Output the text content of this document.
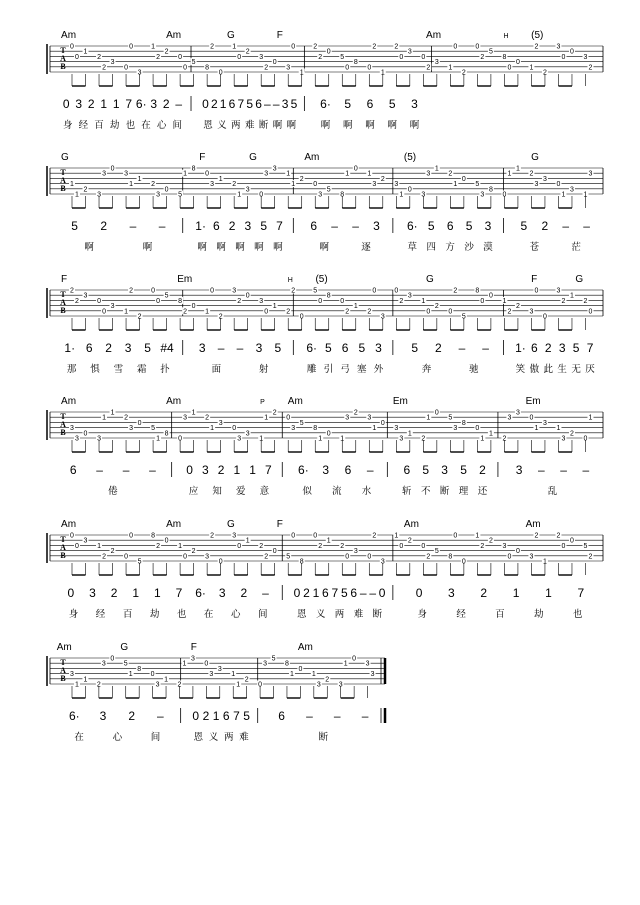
T
A
B
Am	Am	G	F	Am	H (5)
0
0
1
2
2
3
0
0
3
1
2
2
0
0
5
8
2
0
1
0
2
3
2
0
3
0
1
2
2
0
5
0
8
0
2
1
2
0
3
0
2
3
1
0
2
0
2
5
8
0
0
1
2
2
3
0
0
3
2
0 3 2 1 1 7 6· 3 2 –
身 经 百 劫 也 在 心 间
0 2 1 6 7 5 6 – – 3 5
恩 义 两 难 断 啊 啊
6· 5 6 5 3
啊 啊 啊 啊 啊
T
A
B
G	F	G	Am	(5)	G
1
1
2
3
3
0
3
1
1
2
3
0
5
1
8
0
3
1
2
1
3
0
3
3
1
1
2
0
3
5
8
1
0
1
3
2
3
1
0
3
3
1
2
1
0
5
3
8
0
1
1
2
3
3
0
1
3
1
3
5 2 – –
啊	啊
1· 6 2 3 5 7
啊 啊 啊 啊 啊
6 – – 3
啊	逐
6· 5 6 5 3
草 四 方 沙 漠
5 2 – –
苍	茫
T
A
B
F	Em	H (5)	G	F	G
2
2
3
0
0
3
1
2
2
0
0
5
8
2
0
1
0
2
3
2
0
3
0
1
2
2
0
5
0
8
0
2
1
2
0
3
0
2
3
1
0
2
0
2
5
8
0
0
1
2
2
3
0
0
3
2
1
2
0
1· 6 2 3 5 #4
那 惧 雪 霜 扑
3 – – 3 5
面	射
6· 5 6 5 3
雕 引 弓 塞 外
5 2 – –
奔	驰
1· 6 2 3 5 7
笑 傲 此 生 无 厌
T
A
B
Am	Am	P Am	Em	Em
3
3
0
3
1
1
2
3
0
5
1
8
0
3
1
2
1
3
0
3
3
1
1
2
0
3
5
8
1
0
1
3
2
3
1
0
3
3
1
2
1
0
5
3
8
0
1
1
2
3
3
0
1
3
1
3
2
0
1
6 – – –
倦
0 3 2 1 1 7
应 知 爱 意
6· 3 6 –
似 流 水
6 5 3 5 2
斩 不 断 理 还
3 – – –
乱
T
A
B
Am	Am	G	F	Am	Am
0
0
3
1
2
2
0
0
5
8
2
0
1
0
2
3
2
0
3
0
1
2
2
0
5
0
8
0
2
1
2
0
3
0
2
3
1
0
2
0
2
5
8
0
0
1
2
2
3
0
0
3
2
1
2
0
0
5
2
0 3 2 1 1 7 6· 3 2 –
身 经 百 劫 也 在 心 间
0 2 1 6 7 5 6 – – 0
恩 义 两 难 断
0 3 2 1 1 7
身	经	百	劫	也
T
A
B
Am	G	F	Am
3
1
1
2
3
0
5
1
8
0
3
1
2
1
3
0
3
3
1
1
2
0
3
5
8
1
0
1
3
2
3
1
0
3
3
6· 3 2 –
在	心	间
0 2 1 6 7 5
恩 义 两 难
6 – – –
断
